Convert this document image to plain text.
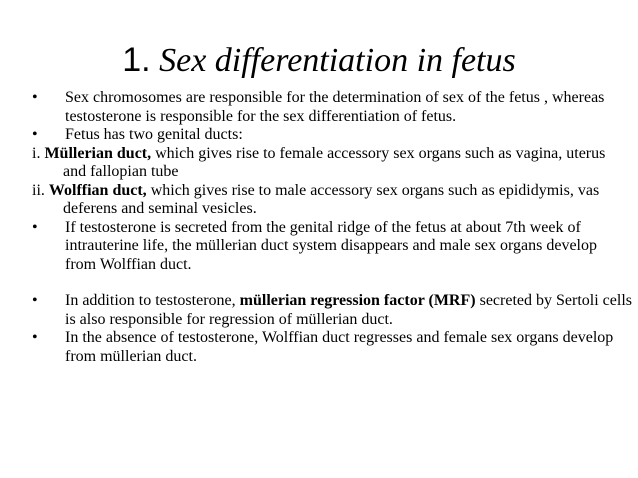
1. Sex differentiation in fetus

•	Sex chromosomes are responsible for the determination of sex of the fetus , whereas testosterone is responsible for the sex differentiation of fetus.

•	Fetus has two genital ducts:

i. Müllerian duct, which gives rise to female accessory sex organs such as vagina, uterus and fallopian tube

ii. Wolffian duct, which gives rise to male accessory sex organs such as epididymis, vas deferens and seminal vesicles.

•	If testosterone is secreted from the genital ridge of the fetus at about 7th week of intrauterine life, the müllerian duct system disappears and male sex organs develop from Wolffian duct.

•	In addition to testosterone, müllerian regression factor (MRF) secreted by Sertoli cells is also responsible for regression of müllerian duct.

•	In the absence of testosterone, Wolffian duct regresses and female sex organs develop from müllerian duct.
